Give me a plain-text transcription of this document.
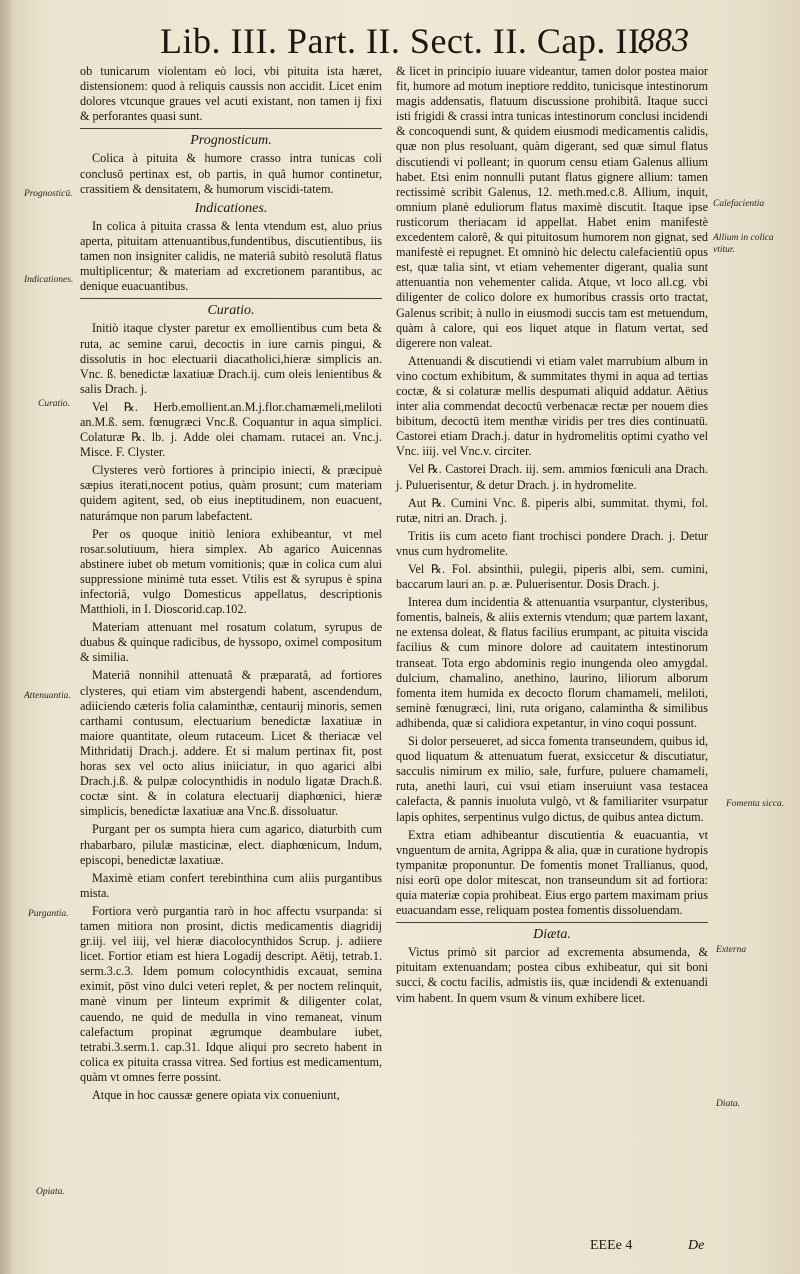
Lib. III. Part. II. Sect. II. Cap. II.
883
Prognosticū.
Indicationes.
Curatio.
Attenuantia.
Purgantia.
Opiata.
Calefacientia
Allium in colica vtitur.
Fomenta sicca.
Externa
Diata.

ob tunicarum violentam eò loci, vbi pituita ista hæret, distensionem: quod à reliquis caussis non accidit. Licet enim dolores vtcunque graues vel acuti existant, non tamen ij fixi & perforantes quasi sunt.

Prognosticum.

Colica à pituita & humore crasso intra tunicas coli conclusŏ pertinax est, ob partis, in quâ humor continetur, crassitiem & densitatem, & humorum viscidi-tatem.

Indicationes.

In colica à pituita crassa & lenta vtendum est, aluo prius aperta, pituitam attenuantibus,fundentibus, discutientibus, iis tamen non insigniter calidis, ne materiâ subitò resolutâ flatus multiplicentur; & materiam ad excretionem parantibus, ac denique euacuantibus.

Curatio.

Initiò itaque clyster paretur ex emollientibus cum beta & ruta, ac semine carui, decoctis in iure carnis pingui, & dissolutis in hoc electuarii diacatholici,hieræ simplicis an. Vnc. ß. benedictæ laxatiuæ Drach.ij. cum oleis lenientibus & salis Drach. j.

Vel ℞. Herb.emollient.an.M.j.flor.chamæmeli,meliloti an.M.ß. sem. fœnugræci Vnc.ß. Coquantur in aqua simplici. Colaturæ ℞. lb. j. Adde olei chamam. rutacei an. Vnc.j. Misce. F. Clyster.

Clysteres verò fortiores à principio iniecti, & præcipuè sæpius iterati,nocent potius, quàm prosunt; cum materiam quidem agitent, sed, ob eius ineptitudinem, non euacuent, naturámque non parum labefactent.

Per os quoque initiò leniora exhibeantur, vt mel rosar.solutiuum, hiera simplex. Ab agarico Auicennas abstinere iubet ob metum vomitionis; quæ in colica cum alui suppressione minimè tuta esset. Vtilis est & syrupus è spina infectoriâ, vulgo Domesticus appellatus, descriptionis Matthioli, in I. Dioscorid.cap.102.

Materiam attenuant mel rosatum colatum, syrupus de duabus & quinque radicibus, de hyssopo, oximel compositum & similia.

Materiâ nonnihil attenuatâ & præparatâ, ad fortiores clysteres, qui etiam vim abstergendi habent, ascendendum, adiiciendo cæteris folia calaminthæ, centaurij minoris, semen carthami contusum, electuarium benedictæ laxatiuæ in maiore quantitate, oleum rutaceum. Licet & theriacæ vel Mithridatij Drach.j. addere. Et si malum pertinax fit, post horas sex vel octo alius iniiciatur, in quo agarici albi Drach.j.ß. & pulpæ colocynthidis in nodulo ligatæ Drach.ß. coctæ sint. & in colatura electuarij diaphœnici, hieræ simplicis, benedictæ laxatiuæ ana Vnc.ß. dissoluatur.

Purgant per os sumpta hiera cum agarico, diaturbith cum rhabarbaro, pilulæ masticinæ, elect. diaphœnicum, Indum, episcopi, benedictæ laxatiuæ.

Maximè etiam confert terebinthina cum aliis purgantibus mista.

Fortiora verò purgantia rarò in hoc affectu vsurpanda: si tamen mitiora non prosint, dictis medicamentis diagridij gr.iij. vel iiij, vel hieræ diacolocynthidos Scrup. j. adiiere licet. Fortior etiam est hiera Logadij descript. Aëtij, tetrab.1. serm.3.c.3. Idem pomum colocynthidis excauat, semina eximit, pōst vino dulci veteri replet, & per noctem relinquit, manè vinum per linteum exprimit & diligenter colat, cauendo, ne quid de medulla in vino remaneat, vinum calefactum propinat ægrumque deambulare iubet, tetrabi.3.serm.1. cap.31. Idque aliqui pro secreto habent in colica ex pituita crassa vitrea. Sed fortius est medicamentum, quàm vt omnes ferre possint.

Atque in hoc caussæ genere opiata vix conueniunt,

& licet in principio iuuare videantur, tamen dolor postea maior fit, humore ad motum ineptiore reddito, tunicisque intestinorum magis addensatis, flatuum discussione prohibitâ. Itaque succi isti frigidi & crassi intra tunicas intestinorum conclusi incidendi & concoquendi sunt, & quidem eiusmodi medicamentis calidis, quæ non plus resoluant, quàm digerant, sed quæ simul flatus discutiendi vi polleant; in quorum censu etiam Galenus allium habet. Etsi enim nonnulli putant flatus gignere allium: tamen rectissimè scribit Galenus, 12. meth.med.c.8. Allium, inquit, omnium planè eduliorum flatus maximè discutit. Itaque ipse rusticorum theriacam id appellat. Habet enim manifestè excedentem calorê, & qui pituitosum humorem non gignat, sed manifestè ei repugnet. Et omninò hic delectu calefacientiū opus est, quæ talia sint, vt etiam vehementer digerant, qualia sunt attenuantia non vehementer calida. Atque, vt loco all.cg. vbi diligenter de colico dolore ex humoribus crassis orto tractat, Galenus scribit; à nullo in eiusmodi succis tam est metuendum, quàm à calore, qui eos liquet atque in flatum vertat, sed digerere non valeat.

Attenuandi & discutiendi vi etiam valet marrubium album in vino coctum exhibitum, & summitates thymi in aqua ad tertias coctæ, & si colaturæ mellis despumati aliquid addatur. Aëtius inter alia commendat decoctū verbenacæ rectæ per nouem dies bibitum, decoctū item menthæ viridis per tres dies continuatū. Castorei etiam Drach.j. datur in hydromelitis optimi cyatho vel Vnc. iiij. vel Vnc.v. circiter.

Vel ℞. Castorei Drach. iij. sem. ammios fœniculi ana Drach. j. Puluerisentur, & detur Drach. j. in hydromelite.

Aut ℞. Cumini Vnc. ß. piperis albi, summitat. thymi, fol. rutæ, nitri an. Drach. j.

Tritis iis cum aceto fiant trochisci pondere Drach. j. Detur vnus cum hydromelite.

Vel ℞. Fol. absinthii, pulegii, piperis albi, sem. cumini, baccarum lauri an. p. æ. Puluerisentur. Dosis Drach. j.

Interea dum incidentia & attenuantia vsurpantur, clysteribus, fomentis, balneis, & aliis externis vtendum; quæ partem laxant, ne extensa doleat, & flatus facilius erumpant, ac pituita viscida facilius & cum minore dolore ad cauitatem intestinorum transeat. Tota ergo abdominis regio inungenda oleo amygdal. dulcium, chamalino, anethino, laurino, liliorum alborum fomenta item humida ex decocto florum chamameli, meliloti, seminè fœnugræci, lini, ruta origano, calamintha & similibus adhibenda, quæ si calidiora expetantur, in vino coqui possunt.

Si dolor perseueret, ad sicca fomenta transeundem, quibus id, quod liquatum & attenuatum fuerat, exsiccetur & discutiatur, sacculis nimirum ex milio, sale, furfure, puluere chamameli, ruta, anethi lauri, cui vsui etiam inseruiunt vasa testacea calefacta, & pannis inuoluta vulgò, vt & familiariter vsurpatur lapis ophites, serpentinus vulgo dictus, de quibus antea dictum.

Extra etiam adhibeantur discutientia & euacuantia, vt vnguentum de arnita, Agrippa & alia, quæ in curatione hydropis tympanitæ proponuntur. De fomentis monet Trallianus, quod, nisi eorū ope dolor mitescat, non transeundum sit ad fortiora: quia materiæ copia prohibeat. Eius ergo partem maximam prius euacuandam esse, reliquam postea fomentis dissoluendam.

Diæta.

Victus primò sit parcior ad excrementa absumenda, & pituitam extenuandam; postea cibus exhibeatur, qui sit boni succi, & coctu facilis, admistis iis, quæ incidendi & extenuandi vim habent. In quem vsum & vinum exhibere licet.

EEEe 4	De
